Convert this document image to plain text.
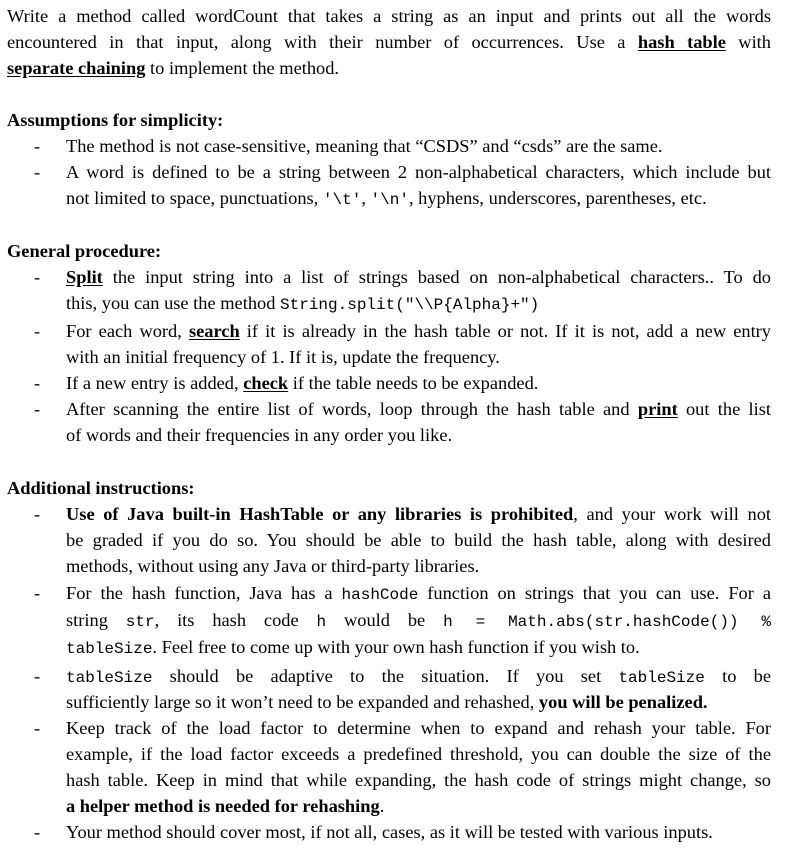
Write a method called wordCount that takes a string as an input and prints out all the words
encountered in that input, along with their number of occurrences. Use a hash table with
separate chaining to implement the method.
Assumptions for simplicity:
- The method is not case-sensitive, meaning that “CSDS” and “csds” are the same.
- A word is defined to be a string between 2 non-alphabetical characters, which include but
not limited to space, punctuations, '\t', '\n', hyphens, underscores, parentheses, etc.
General procedure:
- Split the input string into a list of strings based on non-alphabetical characters.. To do
this, you can use the method String.split("\\P{Alpha}+")
- For each word, search if it is already in the hash table or not. If it is not, add a new entry
with an initial frequency of 1. If it is, update the frequency.
- If a new entry is added, check if the table needs to be expanded.
- After scanning the entire list of words, loop through the hash table and print out the list
of words and their frequencies in any order you like.
Additional instructions:
- Use of Java built-in HashTable or any libraries is prohibited, and your work will not
be graded if you do so. You should be able to build the hash table, along with desired
methods, without using any Java or third-party libraries.
- For the hash function, Java has a hashCode function on strings that you can use. For a
string str, its hash code h would be h = Math.abs(str.hashCode()) %
tableSize. Feel free to come up with your own hash function if you wish to.
- tableSize should be adaptive to the situation. If you set tableSize to be
sufficiently large so it won’t need to be expanded and rehashed, you will be penalized.
- Keep track of the load factor to determine when to expand and rehash your table. For
example, if the load factor exceeds a predefined threshold, you can double the size of the
hash table. Keep in mind that while expanding, the hash code of strings might change, so
a helper method is needed for rehashing.
- Your method should cover most, if not all, cases, as it will be tested with various inputs.
